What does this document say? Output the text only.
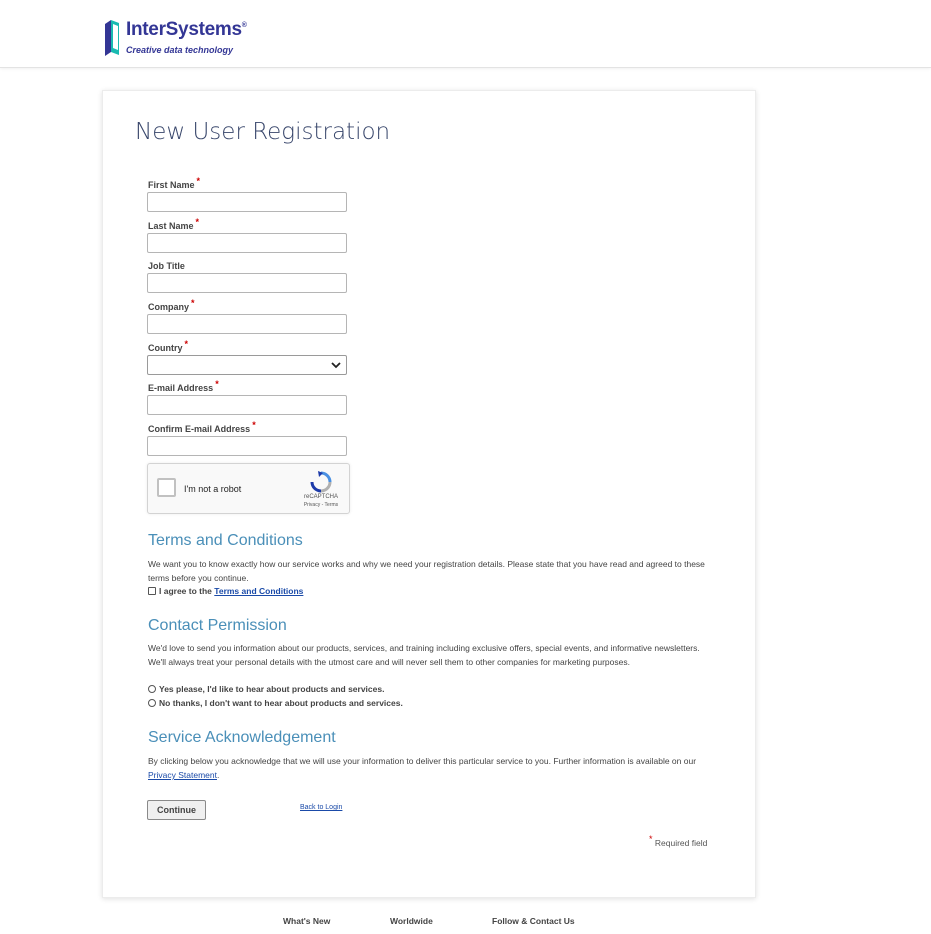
InterSystems®
Creative data technology
New User Registration
First Name *
Last Name *
Job Title
Company *
Country *
E-mail Address *
Confirm E-mail Address *
I'm not a robot
reCAPTCHA
Privacy - Terms
Terms and Conditions

We want you to know exactly how our service works and why we need your registration details. Please state that you have read and agreed to these terms before you continue.

I agree to the Terms and Conditions
Contact Permission

We'd love to send you information about our products, services, and training including exclusive offers, special events, and informative newsletters. We'll always treat your personal details with the utmost care and will never sell them to other companies for marketing purposes.

Yes please, I'd like to hear about products and services.
No thanks, I don't want to hear about products and services.
Service Acknowledgement

By clicking below you acknowledge that we will use your information to deliver this particular service to you. Further information is available on our Privacy Statement.

Continue	Back to Login
* Required field
What's New	Worldwide	Follow & Contact Us
